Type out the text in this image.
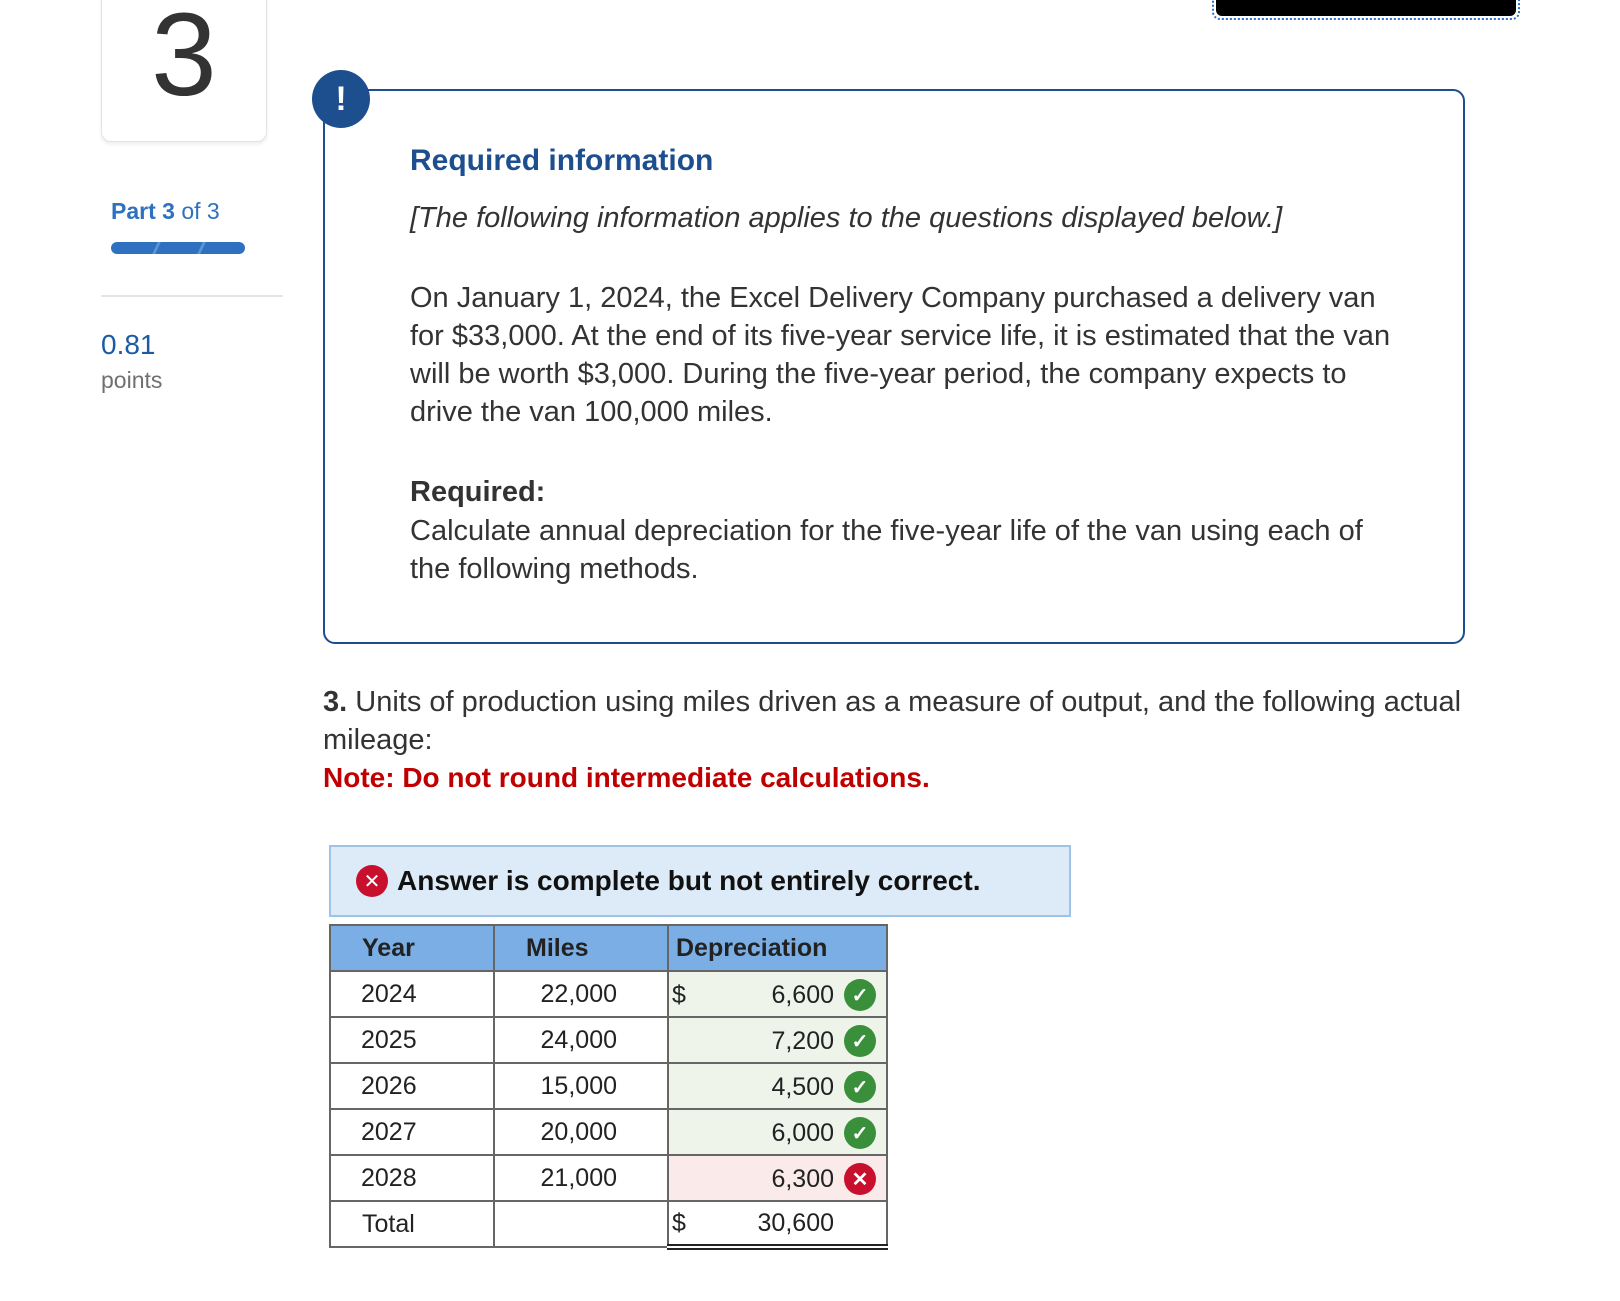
3
Part 3 of 3
0.81
points
!
Required information
[The following information applies to the questions displayed below.]
On January 1, 2024, the Excel Delivery Company purchased a delivery van for $33,000. At the end of its five-year service life, it is estimated that the van will be worth $3,000. During the five-year period, the company expects to drive the van 100,000 miles.
Required:
Calculate annual depreciation for the five-year life of the van using each of the following methods.
3. Units of production using miles driven as a measure of output, and the following actual mileage:
Note: Do not round intermediate calculations.
✕ Answer is complete but not entirely correct.
Year	Miles	Depreciation
2024	22,000	$ 6,600 ✓

2025	24,000	7,200 ✓

2026	15,000	4,500 ✓

2027	20,000	6,000 ✓

2028	21,000	6,300 ✕

Total		$ 30,600
